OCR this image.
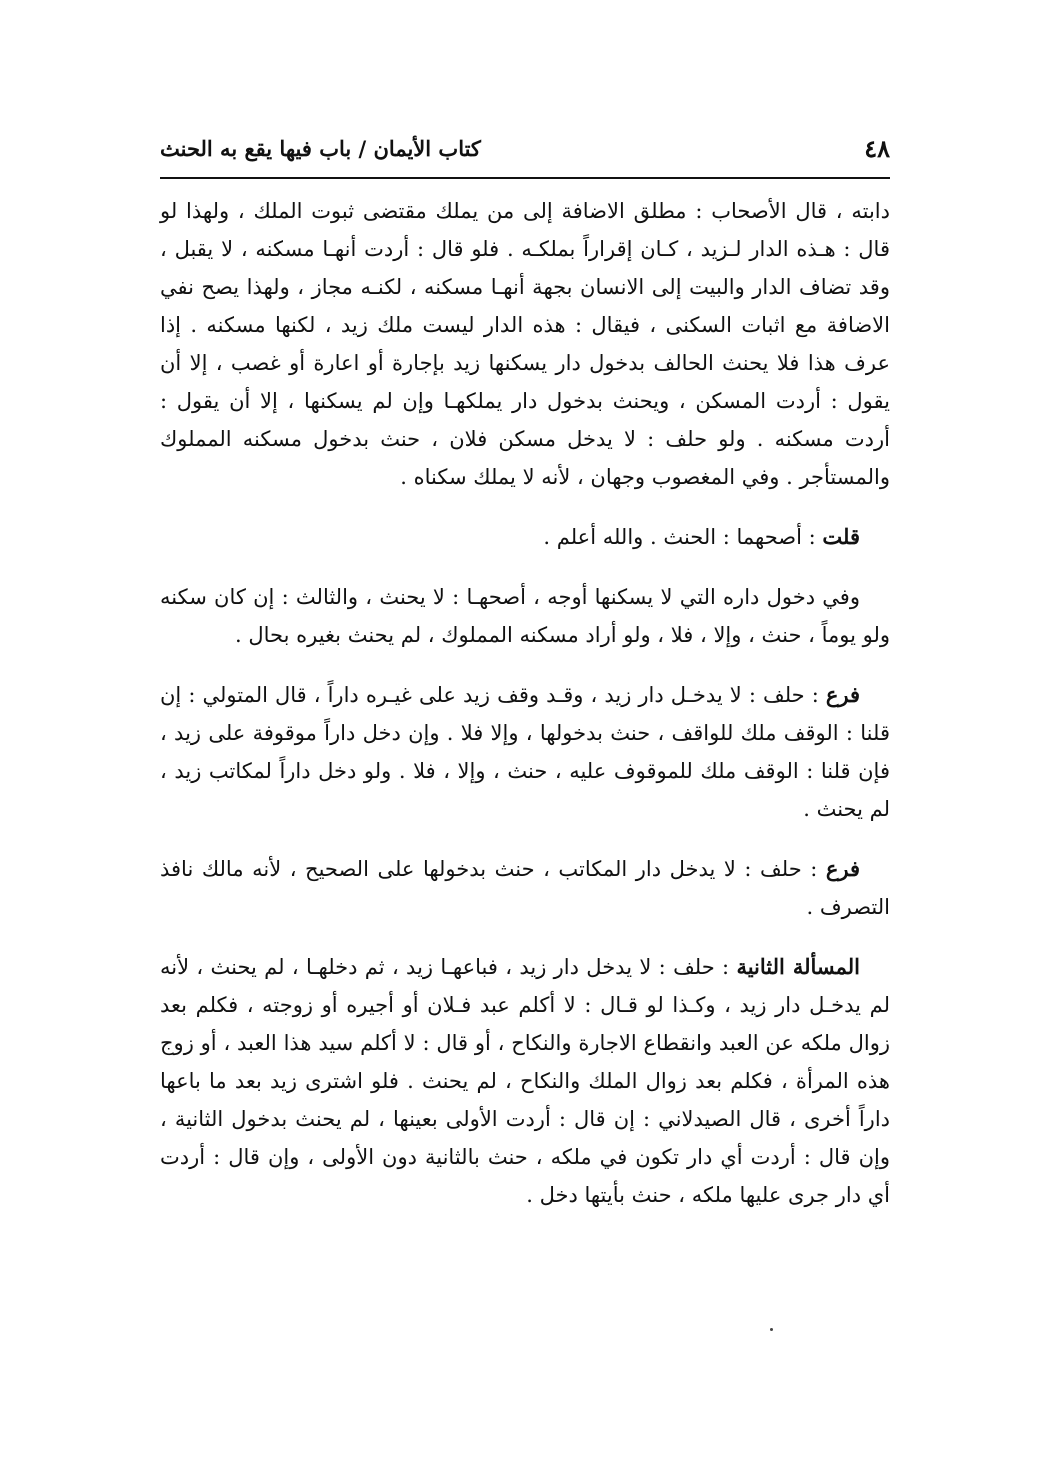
٤٨
كتاب الأيمان / باب فيها يقع به الحنث

دابته ، قال الأصحاب : مطلق الاضافة إلى من يملك مقتضى ثبوت الملك ، ولهذا لو قال : هـذه الدار لـزيد ، كـان إقراراً بملكـه . فلو قال : أردت أنهـا مسكنه ، لا يقبل ، وقد تضاف الدار والبيت إلى الانسان بجهة أنهـا مسكنه ، لكنـه مجاز ، ولهذا يصح نفي الاضافة مع اثبات السكنى ، فيقال : هذه الدار ليست ملك زيد ، لكنها مسكنه . إذا عرف هذا فلا يحنث الحالف بدخول دار يسكنها زيد بإجارة أو اعارة أو غصب ، إلا أن يقول : أردت المسكن ، ويحنث بدخول دار يملكهـا وإن لم يسكنها ، إلا أن يقول : أردت مسكنه . ولو حلف : لا يدخل مسكن فلان ، حنث بدخول مسكنه المملوك والمستأجر . وفي المغصوب وجهان ، لأنه لا يملك سكناه .

قلت : أصحهما : الحنث . والله أعلم .

وفي دخول داره التي لا يسكنها أوجه ، أصحهـا : لا يحنث ، والثالث : إن كان سكنه ولو يوماً ، حنث ، وإلا ، فلا ، ولو أراد مسكنه المملوك ، لم يحنث بغيره بحال .

فرع : حلف : لا يدخـل دار زيد ، وقـد وقف زيد على غيـره داراً ، قال المتولي : إن قلنا : الوقف ملك للواقف ، حنث بدخولها ، وإلا فلا . وإن دخل داراً موقوفة على زيد ، فإن قلنا : الوقف ملك للموقوف عليه ، حنث ، وإلا ، فلا . ولو دخل داراً لمكاتب زيد ، لم يحنث .

فرع : حلف : لا يدخل دار المكاتب ، حنث بدخولها على الصحيح ، لأنه مالك نافذ التصرف .

المسألة الثانية : حلف : لا يدخل دار زيد ، فباعهـا زيد ، ثم دخلهـا ، لم يحنث ، لأنه لم يدخـل دار زيد ، وكـذا لو قـال : لا أكلم عبد فـلان أو أجيره أو زوجته ، فكلم بعد زوال ملكه عن العبد وانقطاع الاجارة والنكاح ، أو قال : لا أكلم سيد هذا العبد ، أو زوج هذه المرأة ، فكلم بعد زوال الملك والنكاح ، لم يحنث . فلو اشترى زيد بعد ما باعها داراً أخرى ، قال الصيدلاني : إن قال : أردت الأولى بعينها ، لم يحنث بدخول الثانية ، وإن قال : أردت أي دار تكون في ملكه ، حنث بالثانية دون الأولى ، وإن قال : أردت أي دار جرى عليها ملكه ، حنث بأيتها دخل .
